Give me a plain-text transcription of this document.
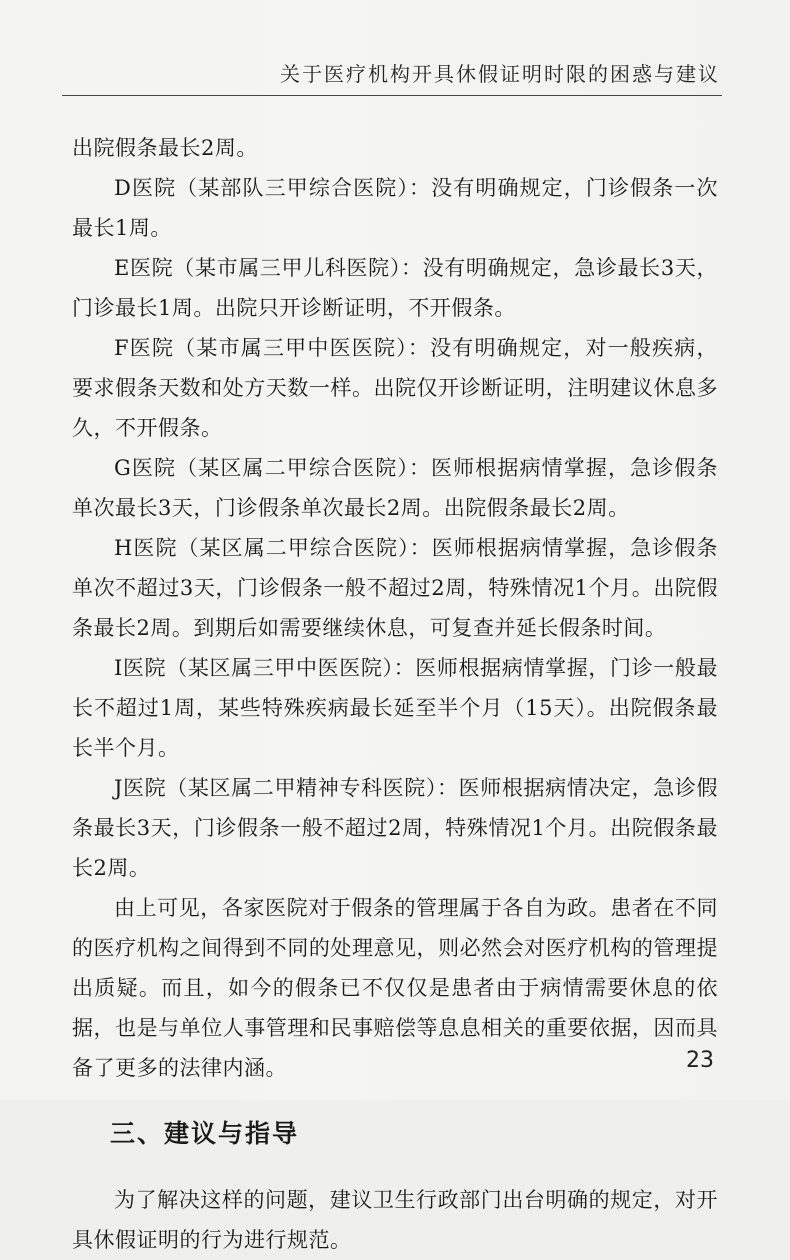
关于医疗机构开具休假证明时限的困惑与建议

出院假条最长2周。

D医院（某部队三甲综合医院）：没有明确规定，门诊假条一次最长1周。

E医院（某市属三甲儿科医院）：没有明确规定，急诊最长3天，门诊最长1周。出院只开诊断证明，不开假条。

F医院（某市属三甲中医医院）：没有明确规定，对一般疾病，要求假条天数和处方天数一样。出院仅开诊断证明，注明建议休息多久，不开假条。

G医院（某区属二甲综合医院）：医师根据病情掌握，急诊假条单次最长3天，门诊假条单次最长2周。出院假条最长2周。

H医院（某区属二甲综合医院）：医师根据病情掌握，急诊假条单次不超过3天，门诊假条一般不超过2周，特殊情况1个月。出院假条最长2周。到期后如需要继续休息，可复查并延长假条时间。

I医院（某区属三甲中医医院）：医师根据病情掌握，门诊一般最长不超过1周，某些特殊疾病最长延至半个月（15天）。出院假条最长半个月。

J医院（某区属二甲精神专科医院）：医师根据病情决定，急诊假条最长3天，门诊假条一般不超过2周，特殊情况1个月。出院假条最长2周。

由上可见，各家医院对于假条的管理属于各自为政。患者在不同的医疗机构之间得到不同的处理意见，则必然会对医疗机构的管理提出质疑。而且，如今的假条已不仅仅是患者由于病情需要休息的依据，也是与单位人事管理和民事赔偿等息息相关的重要依据，因而具备了更多的法律内涵。

三、建议与指导

为了解决这样的问题，建议卫生行政部门出台明确的规定，对开具休假证明的行为进行规范。

23
